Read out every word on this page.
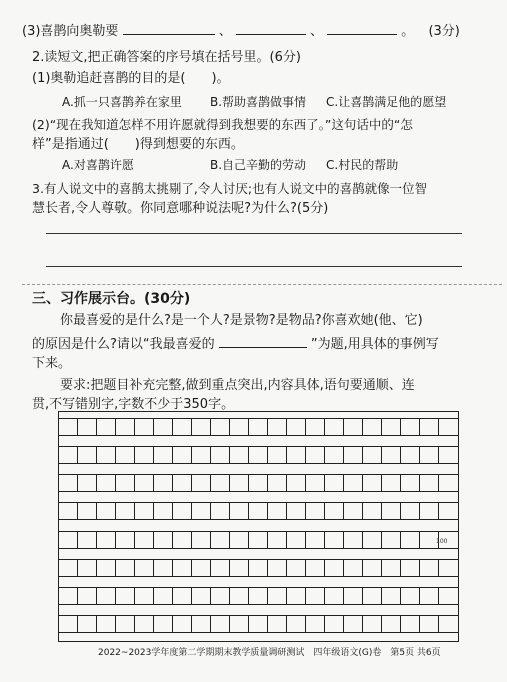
(3)喜鹊向奥勒要	、	、	。 (3分)
2.读短文,把正确答案的序号填在括号里。(6分)
(1)奥勒追赶喜鹊的目的是(　　)。
A.抓一只喜鹊养在家里 B.帮助喜鹊做事情 C.让喜鹊满足他的愿望
(2)“现在我知道怎样不用许愿就得到我想要的东西了。”这句话中的“怎
样”是指通过(　　)得到想要的东西。
A.对喜鹊许愿	B.自己辛勤的劳动 C.村民的帮助
3.有人说文中的喜鹊太挑剔了,令人讨厌;也有人说文中的喜鹊就像一位智
慧长者,令人尊敬。你同意哪种说法呢?为什么?(5分)
三、习作展示台。(30分)
你最喜爱的是什么?是一个人?是景物?是物品?你喜欢她(他、它)
的原因是什么?请以“我最喜爱的	”为题,用具体的事例写
下来。
要求:把题目补充完整,做到重点突出,内容具体,语句要通顺、连
贯,不写错别字,字数不少于350字。
100
2022~2023学年度第二学期期末教学质量调研测试　四年级语文(G)卷　第5页 共6页
